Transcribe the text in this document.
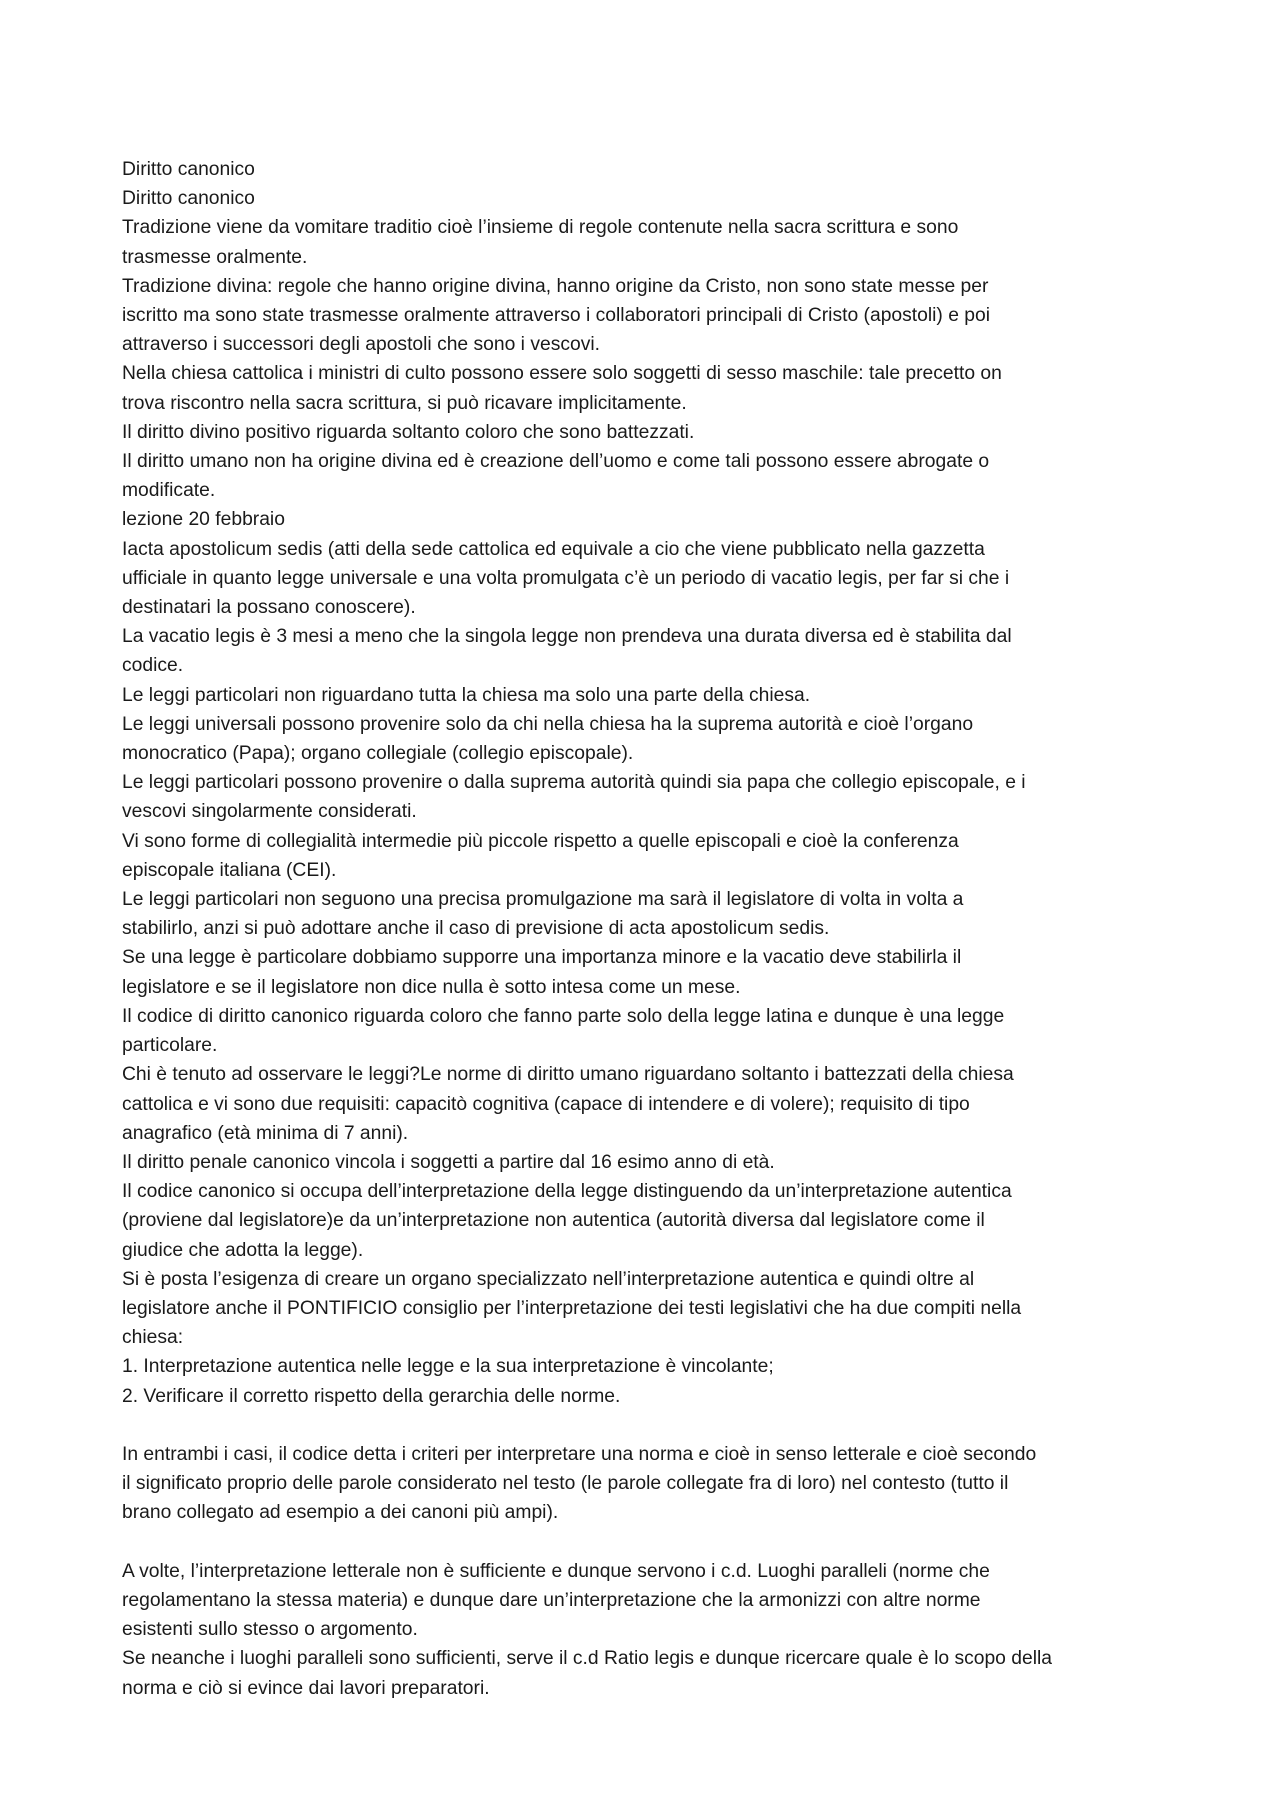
Diritto canonico

Diritto canonico

Tradizione viene da vomitare traditio cioè l’insieme di regole contenute nella sacra scrittura e sono

trasmesse oralmente.

Tradizione divina: regole che hanno origine divina, hanno origine da Cristo, non sono state messe per

iscritto ma sono state trasmesse oralmente attraverso i collaboratori principali di Cristo (apostoli) e poi

attraverso i successori degli apostoli che sono i vescovi.

Nella chiesa cattolica i ministri di culto possono essere solo soggetti di sesso maschile: tale precetto on

trova riscontro nella sacra scrittura, si può ricavare implicitamente.

Il diritto divino positivo riguarda soltanto coloro che sono battezzati.

Il diritto umano non ha origine divina ed è creazione dell’uomo e come tali possono essere abrogate o

modificate.

lezione 20 febbraio

Iacta apostolicum sedis (atti della sede cattolica ed equivale a cio che viene pubblicato nella gazzetta

ufficiale in quanto legge universale e una volta promulgata c’è un periodo di vacatio legis, per far si che i

destinatari la possano conoscere).

La vacatio legis è 3 mesi a meno che la singola legge non prendeva una durata diversa ed è stabilita dal

codice.

Le leggi particolari non riguardano tutta la chiesa ma solo una parte della chiesa.

Le leggi universali possono provenire solo da chi nella chiesa ha la suprema autorità e cioè l’organo

monocratico (Papa); organo collegiale (collegio episcopale).

Le leggi particolari possono provenire o dalla suprema autorità quindi sia papa che collegio episcopale, e i

vescovi singolarmente considerati.

Vi sono forme di collegialità intermedie più piccole rispetto a quelle episcopali e cioè la conferenza

episcopale italiana (CEI).

Le leggi particolari non seguono una precisa promulgazione ma sarà il legislatore di volta in volta a

stabilirlo, anzi si può adottare anche il caso di previsione di acta apostolicum sedis.

Se una legge è particolare dobbiamo supporre una importanza minore e la vacatio deve stabilirla il

legislatore e se il legislatore non dice nulla è sotto intesa come un mese.

Il codice di diritto canonico riguarda coloro che fanno parte solo della legge latina e dunque è una legge

particolare.

Chi è tenuto ad osservare le leggi?Le norme di diritto umano riguardano soltanto i battezzati della chiesa

cattolica e vi sono due requisiti: capacitò cognitiva (capace di intendere e di volere); requisito di tipo

anagrafico (età minima di 7 anni).

Il diritto penale canonico vincola i soggetti a partire dal 16 esimo anno di età.

Il codice canonico si occupa dell’interpretazione della legge distinguendo da un’interpretazione autentica

(proviene dal legislatore)e da un’interpretazione non autentica (autorità diversa dal legislatore come il

giudice che adotta la legge).

Si è posta l’esigenza di creare un organo specializzato nell’interpretazione autentica e quindi oltre al

legislatore anche il PONTIFICIO consiglio per l’interpretazione dei testi legislativi che ha due compiti nella

chiesa:

1. Interpretazione autentica nelle legge e la sua interpretazione è vincolante;

2. Verificare il corretto rispetto della gerarchia delle norme.

In entrambi i casi, il codice detta i criteri per interpretare una norma e cioè in senso letterale e cioè secondo

il significato proprio delle parole considerato nel testo (le parole collegate fra di loro) nel contesto (tutto il

brano collegato ad esempio a dei canoni più ampi).

A volte, l’interpretazione letterale non è sufficiente e dunque servono i c.d. Luoghi paralleli (norme che

regolamentano la stessa materia) e dunque dare un’interpretazione che la armonizzi con altre norme

esistenti sullo stesso o argomento.

Se neanche i luoghi paralleli sono sufficienti, serve il c.d Ratio legis e dunque ricercare quale è lo scopo della

norma e ciò si evince dai lavori preparatori.
